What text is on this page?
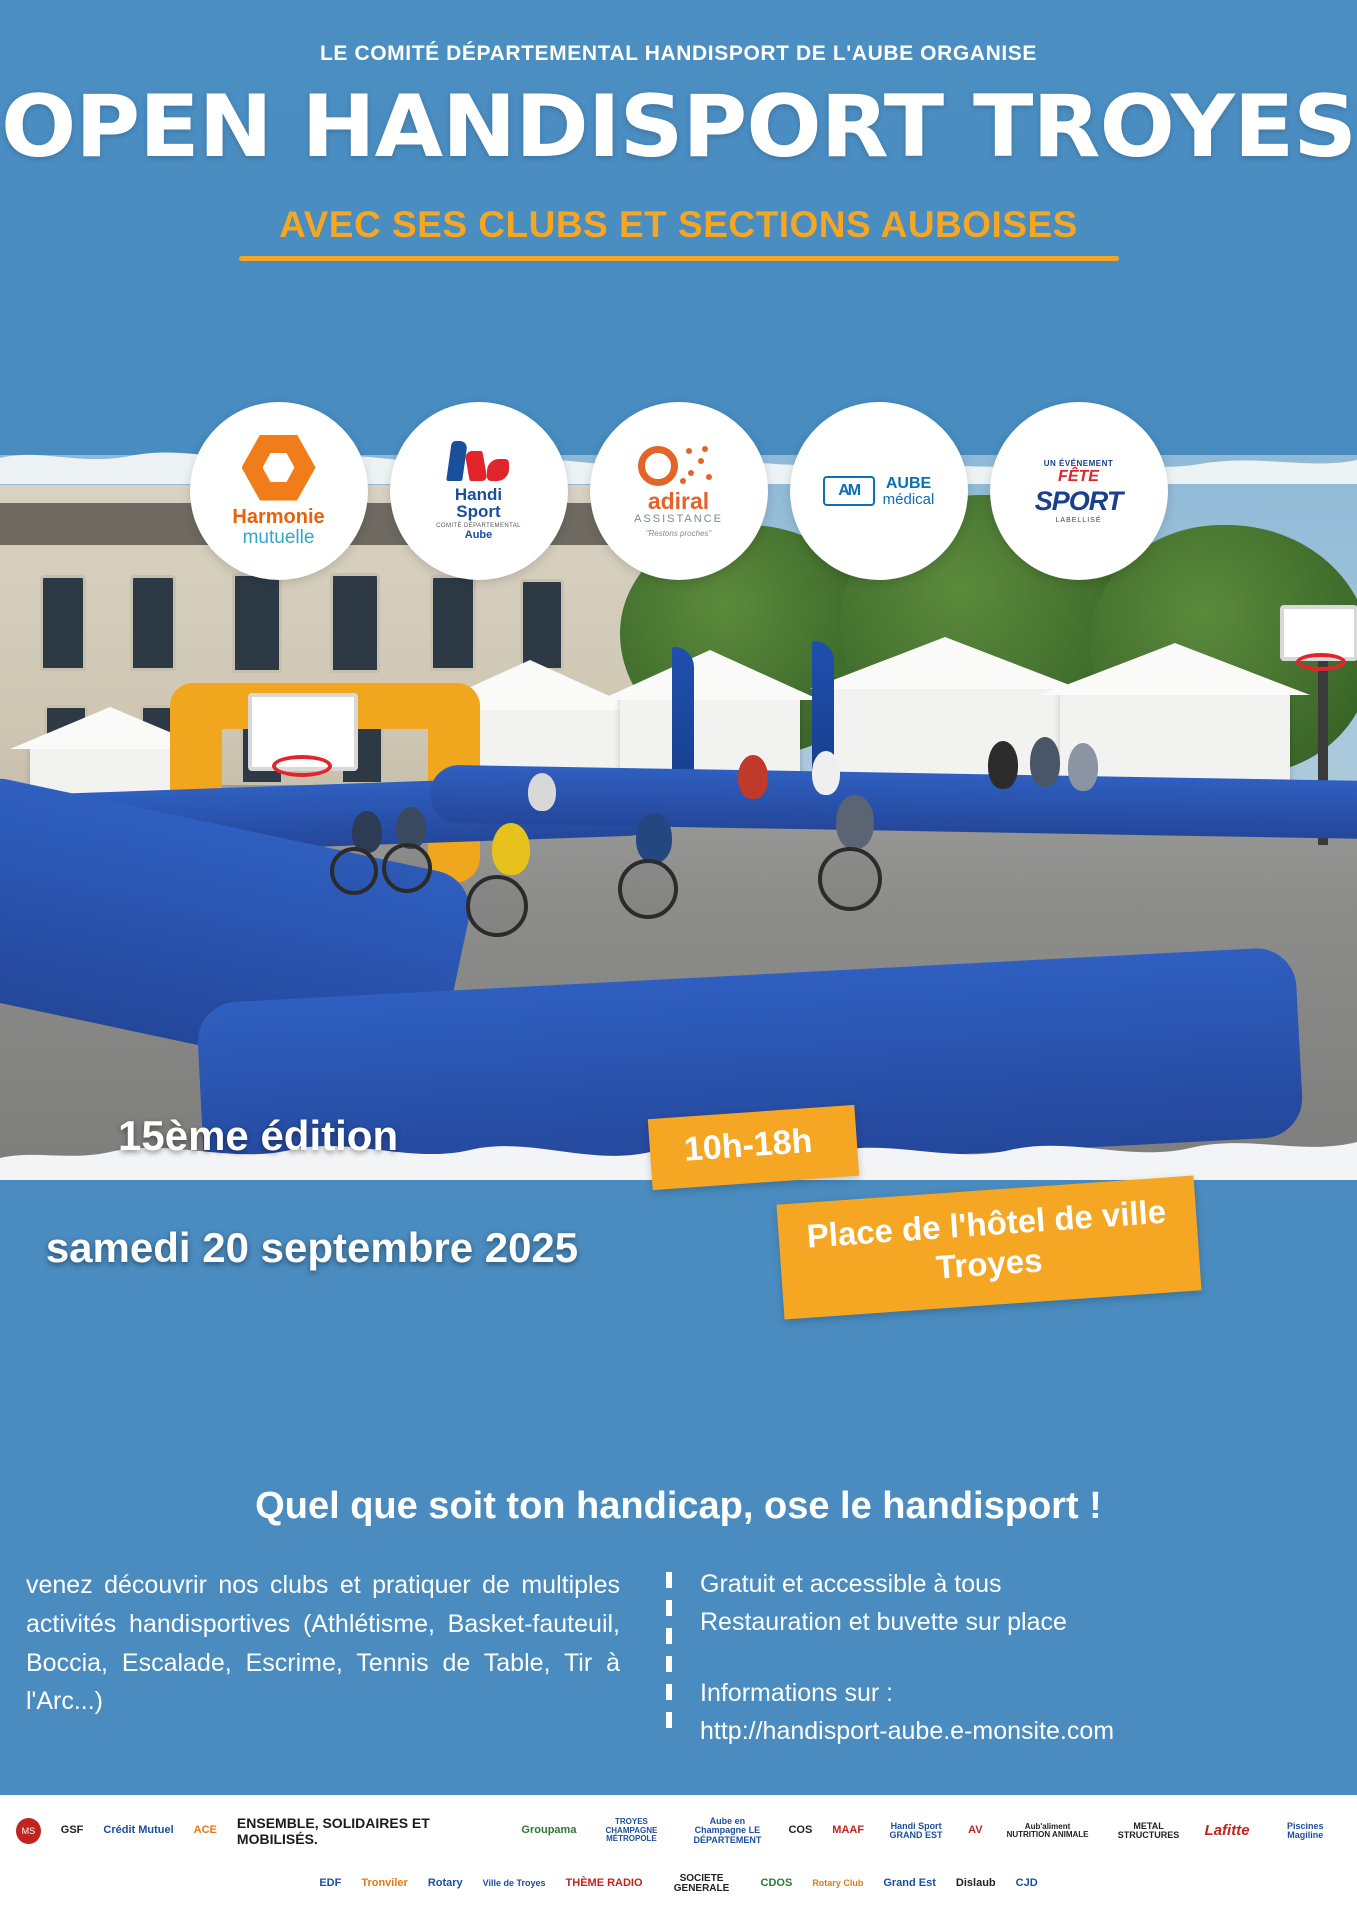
LE COMITÉ DÉPARTEMENTAL HANDISPORT DE L'AUBE ORGANISE
OPEN HANDISPORT TROYES
AVEC SES CLUBS ET SECTIONS AUBOISES
Harmonie
mutuelle
Handi
Sport
COMITÉ DÉPARTEMENTAL
Aube
adiral
ASSISTANCE
"Restons proches"
AM AUBE
médical
UN ÉVÉNEMENT
FÊTE
SPORT
LABELLISÉ
Quel que soit ton handicap, ose le handisport !

venez découvrir nos clubs et pratiquer de multiples activités handisportives (Athlétisme, Basket-fauteuil, Boccia, Escalade, Escrime, Tennis de Table, Tir à l'Arc...)

Gratuit et accessible à tous

Restauration et buvette sur place

Informations sur :

http://handisport-aube.e-monsite.com

15ème édition
samedi 20 septembre 2025
10h-18h
Place de l'hôtel de ville
Troyes
MS	GSF Crédit Mutuel ACE ENSEMBLE, SOLIDAIRES ET MOBILISÉS.
Groupama
TROYES CHAMPAGNE MÉTROPOLE
Aube en Champagne LE DÉPARTEMENT
COS MAAF	Handi Sport GRAND EST	AV	Aub'aliment NUTRITION ANIMALE
METAL STRUCTURES	Lafitte	Piscines Magiline
EDF Tronviler Rotary Ville de Troyes THÈME RADIO	SOCIETE GENERALE	CDOS Rotary Club Grand Est Dislaub CJD
